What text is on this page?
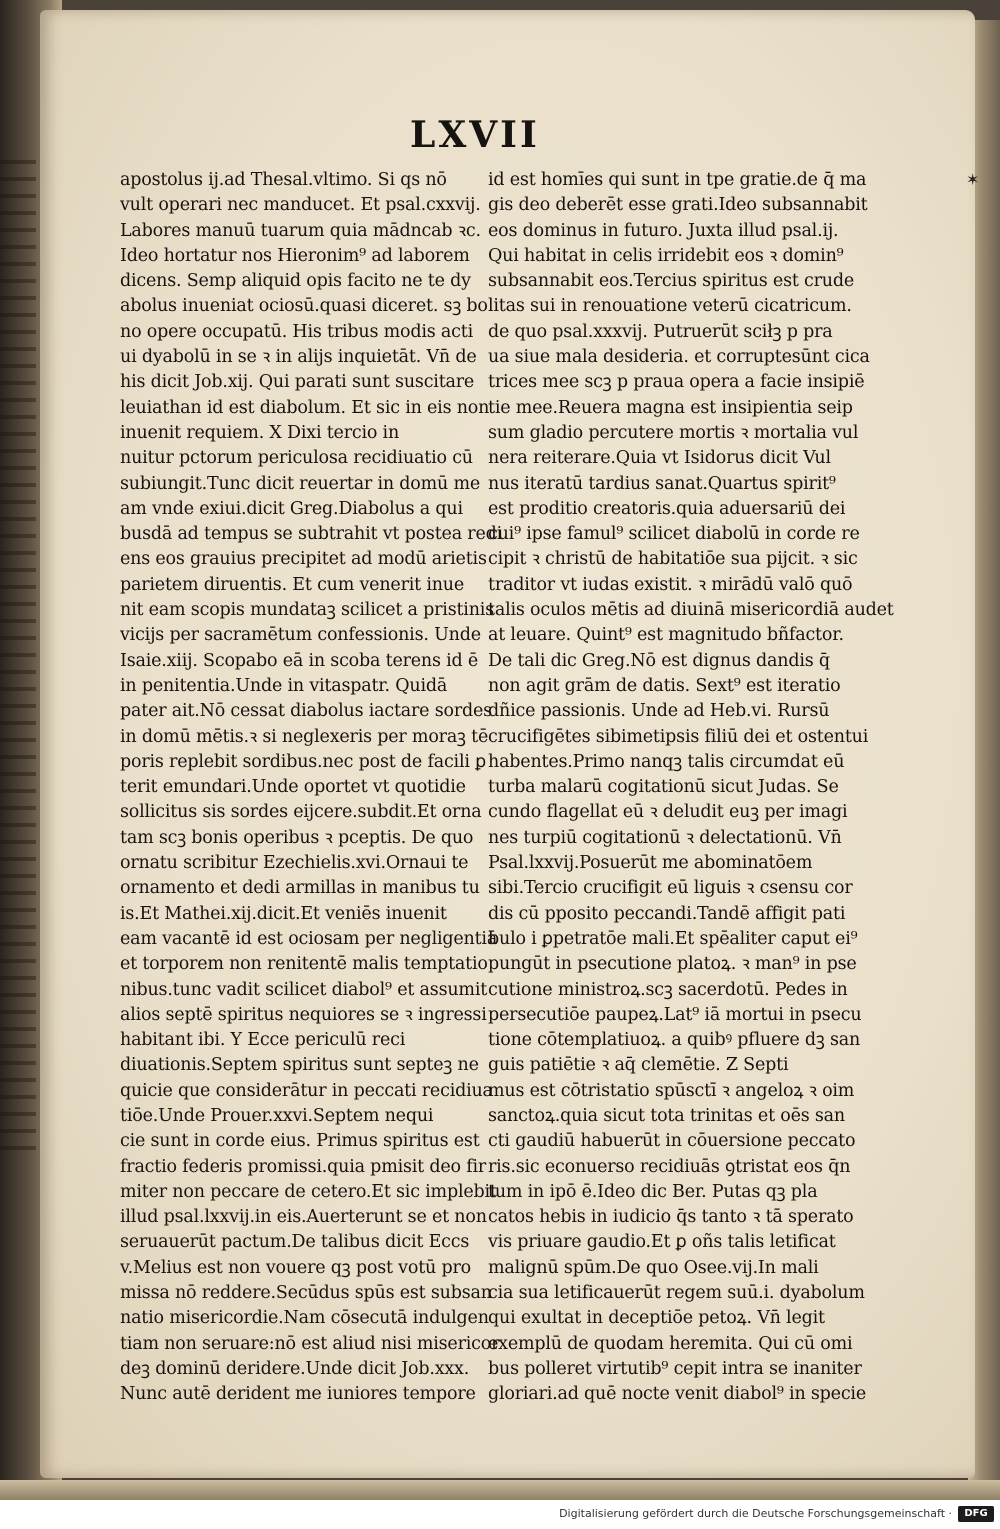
LXVII
apostolus ij.ad Thesal.vltimo. Si qs nō
vult operari nec manducet. Et psal.cxxvij.
Labores manuū tuarum quia mādncab ꝛc.
Ideo hortatur nos Hieronim⁹ ad laborem
dicens. Semp aliquid opis facito ne te dy
abolus inueniat ociosū.quasi diceret. sꝫ bo
no opere occupatū. His tribus modis acti
ui dyabolū in se ꝛ in alijs inquietāt. Vn̄ de
his dicit Job.xij. Qui parati sunt suscitare
leuiathan id est diabolum. Et sic in eis non
inuenit requiem. X Dixi tercio in
nuitur pctorum periculosa recidiuatio cū
subiungit.Tunc dicit reuertar in domū me
am vnde exiui.dicit Greg.Diabolus a qui
busdā ad tempus se subtrahit vt postea redi
ens eos grauius precipitet ad modū arietis
parietem diruentis. Et cum venerit inue
nit eam scopis mundataꝫ scilicet a pristinis
vicijs per sacramētum confessionis. Unde
Isaie.xiij. Scopabo eā in scoba terens id ē
in penitentia.Unde in vitaspatr. Quidā
pater ait.Nō cessat diabolus iactare sordes
in domū mētis.ꝛ si neglexeris per moraꝫ tē
poris replebit sordibus.nec post de facili ꝑ
terit emundari.Unde oportet vt quotidie
sollicitus sis sordes eijcere.subdit.Et orna
tam scꝫ bonis operibus ꝛ pceptis. De quo
ornatu scribitur Ezechielis.xvi.Ornaui te
ornamento et dedi armillas in manibus tu
is.Et Mathei.xij.dicit.Et veniēs inuenit
eam vacantē id est ociosam per negligentiā
et torporem non renitentē malis temptatio
nibus.tunc vadit scilicet diabol⁹ et assumit
alios septē spiritus nequiores se ꝛ ingressi
habitant ibi. Y Ecce periculū reci
diuationis.Septem spiritus sunt septeꝫ ne
quicie que considerātur in peccati recidiua
tiōe.Unde Prouer.xxvi.Septem nequi
cie sunt in corde eius. Primus spiritus est
fractio federis promissi.quia pmisit deo fir
miter non peccare de cetero.Et sic implebit
illud psal.lxxvij.in eis.Auerterunt se et non
seruauerūt pactum.De talibus dicit Eccs
v.Melius est non vouere qꝫ post votū pro
missa nō reddere.Secūdus spūs est subsan
natio misericordie.Nam cōsecutā indulgen
tiam non seruare:nō est aliud nisi misericor
deꝫ dominū deridere.Unde dicit Job.xxx.
Nunc autē derident me iuniores tempore
id est homīes qui sunt in tpe gratie.de q̄ ma
gis deo deberēt esse grati.Ideo subsannabit
eos dominus in futuro. Juxta illud psal.ij.
Qui habitat in celis irridebit eos ꝛ domin⁹
subsannabit eos.Tercius spiritus est crude
litas sui in renouatione veterū cicatricum.
de quo psal.xxxvij. Putruerūt sciłꝫ p pra
ua siue mala desideria. et corruptesūnt cica
trices mee scꝫ p praua opera a facie insipiē
tie mee.Reuera magna est insipientia seip
sum gladio percutere mortis ꝛ mortalia vul
nera reiterare.Quia vt Isidorus dicit Vul
nus iteratū tardius sanat.Quartus spirit⁹
est proditio creatoris.quia aduersariū dei
cui⁹ ipse famul⁹ scilicet diabolū in corde re
cipit ꝛ christū de habitatiōe sua pijcit. ꝛ sic
traditor vt iudas existit. ꝛ mirādū valō quō
talis oculos mētis ad diuinā misericordiā audet
at leuare. Quint⁹ est magnitudo bñfactor.
De tali dic Greg.Nō est dignus dandis q̄
non agit grām de datis. Sext⁹ est iteratio
dñice passionis. Unde ad Heb.vi. Rursū
crucifigētes sibimetipsis filiū dei et ostentui
habentes.Primo nanqꝫ talis circumdat eū
turba malarū cogitationū sicut Judas. Se
cundo flagellat eū ꝛ deludit euꝫ per imagi
nes turpiū cogitationū ꝛ delectationū. Vn̄
Psal.lxxvij.Posuerūt me abominatōem
sibi.Tercio crucifigit eū liguis ꝛ csensu cor
dis cū pposito peccandi.Tandē affigit pati
bulo i ꝑpetratōe mali.Et spēaliter caput ei⁹
pungūt in psecutione platoꝝ. ꝛ man⁹ in pse
cutione ministroꝝ.scꝫ sacerdotū. Pedes in
persecutiōe paupeꝝ.Lat⁹ iā mortui in psecu
tione cōtemplatiuoꝝ. a quibꝰ pfluere dꝫ san
guis patiētie ꝛ aq̄ clemētie. Z Septi
mus est cōtristatio spūsctī ꝛ angeloꝝ ꝛ oim
sanctoꝝ.quia sicut tota trinitas et oēs san
cti gaudiū habuerūt in cōuersione peccato
ris.sic econuerso recidiuās ꝯtristat eos q̄n
tum in ipō ē.Ideo dic Ber. Putas qꝫ pla
catos hebis in iudicio q̄s tanto ꝛ tā sperato
vis priuare gaudio.Et ꝑ oñs talis letificat
malignū spūm.De quo Osee.vij.In mali
cia sua letificauerūt regem suū.i. dyabolum
qui exultat in deceptiōe petoꝝ. Vn̄ legit
exemplū de quodam heremita. Qui cū omi
bus polleret virtutib⁹ cepit intra se inaniter
gloriari.ad quē nocte venit diabol⁹ in specie
✶
Digitalisierung gefördert durch die Deutsche Forschungsgemeinschaft ·	DFG
